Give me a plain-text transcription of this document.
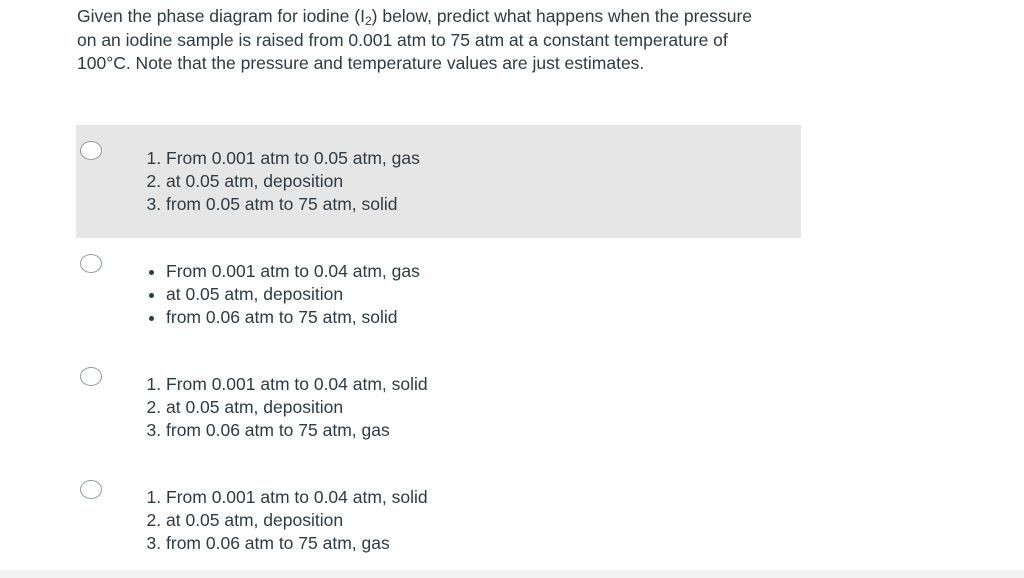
Given the phase diagram for iodine $(I_2)$ below, predict what happens when the pressure on an iodine sample is raised from 0.001 atm to 75 atm at a constant temperature of 100°C. Note that the pressure and temperature values are just estimates.
1. From 0.001 atm to 0.05 atm, gas
2. at 0.05 atm, deposition
3. from 0.05 atm to 75 atm, solid
• From 0.001 atm to 0.04 atm, gas
• at 0.05 atm, deposition
• from 0.06 atm to 75 atm, solid
1. From 0.001 atm to 0.04 atm, solid
2. at 0.05 atm, deposition
3. from 0.06 atm to 75 atm, gas
1. From 0.001 atm to 0.04 atm, solid
2. at 0.05 atm, deposition
3. from 0.06 atm to 75 atm, gas
